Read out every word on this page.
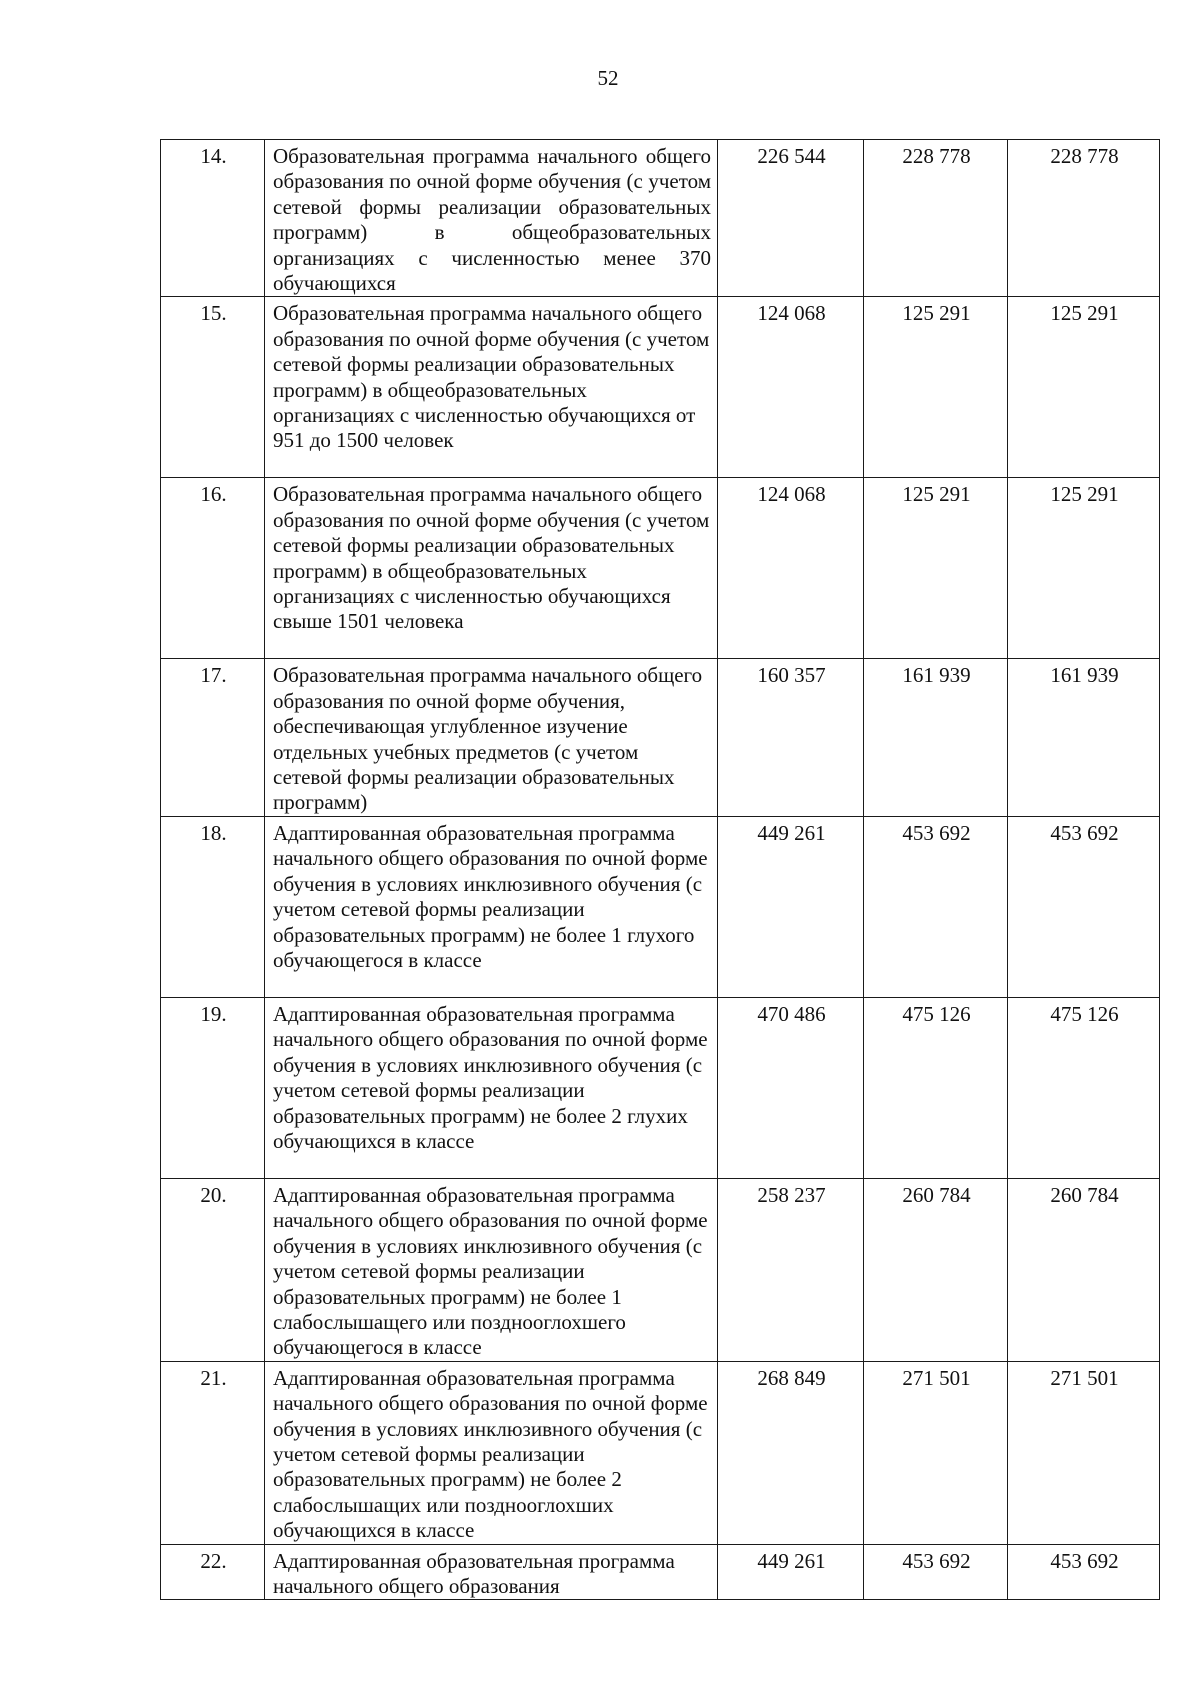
52
14.	Образовательная программа начального общего образования по очной форме обучения (с учетом сетевой формы реализации образовательных программ) в общеобразовательных организациях с численностью менее 370 обучающихся	226 544	228 778	228 778
15.	Образовательная программа начального общего образования по очной форме обучения (с учетом сетевой формы реализации образовательных программ) в общеобразовательных организациях с численностью обучающихся от 951 до 1500 человек	124 068	125 291	125 291
16.	Образовательная программа начального общего образования по очной форме обучения (с учетом сетевой формы реализации образовательных программ) в общеобразовательных организациях с численностью обучающихся свыше 1501 человека	124 068	125 291	125 291
17.	Образовательная программа начального общего образования по очной форме обучения, обеспечивающая углубленное изучение отдельных учебных предметов (с учетом сетевой формы реализации образовательных программ)	160 357	161 939	161 939
18.	Адаптированная образовательная программа начального общего образования по очной форме обучения в условиях инклюзивного обучения (с учетом сетевой формы реализации образовательных программ) не более 1 глухого обучающегося в классе	449 261	453 692	453 692
19.	Адаптированная образовательная программа начального общего образования по очной форме обучения в условиях инклюзивного обучения (с учетом сетевой формы реализации образовательных программ) не более 2 глухих обучающихся в классе	470 486	475 126	475 126
20.	Адаптированная образовательная программа начального общего образования по очной форме обучения в условиях инклюзивного обучения (с учетом сетевой формы реализации образовательных программ) не более 1 слабослышащего или позднооглохшего обучающегося в классе	258 237	260 784	260 784
21.	Адаптированная образовательная программа начального общего образования по очной форме обучения в условиях инклюзивного обучения (с учетом сетевой формы реализации образовательных программ) не более 2 слабослышащих или позднооглохших обучающихся в классе	268 849	271 501	271 501
22.	Адаптированная образовательная программа начального общего образования	449 261	453 692	453 692
